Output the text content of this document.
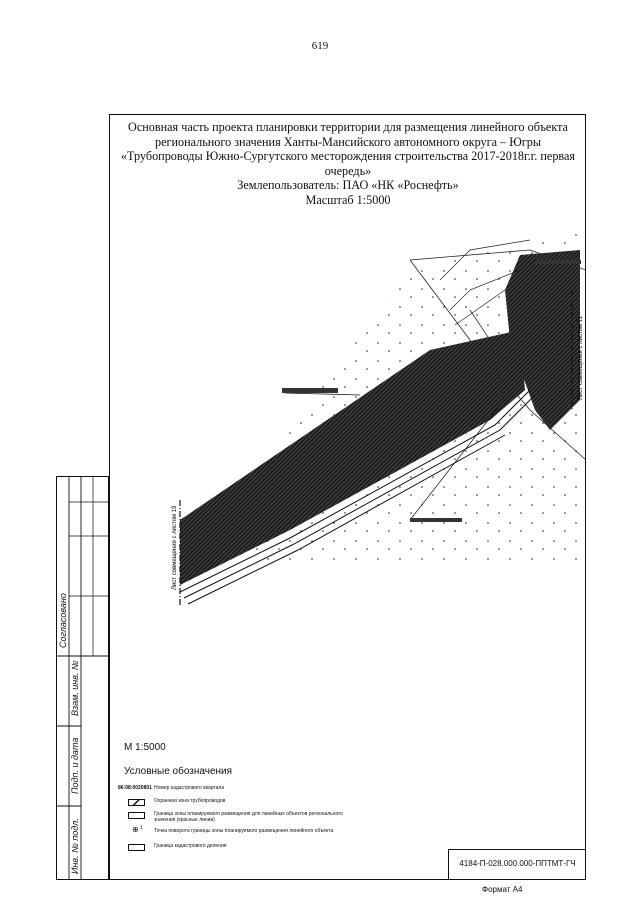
619
Основная часть проекта планировки территории для размещения линейного объекта
регионального значения Ханты-Мансийского автономного округа – Югры
«Трубопроводы Южно-Сургутского месторождения строительства 2017-2018г.г. первая
очередь»
Землепользователь: ПАО «НК «Роснефть»
Масштаб 1:5000
Лист совмещения с листом 19
Лист совмещения с листом 11
Согласовано
Взам. инв. №
Подп. и дата
Инв. № подл.
М 1:5000
Условные обозначения
86:08:0020801 Номер кадастрового квартала
Охранная зона трубопроводов
Граница зоны планируемого размещения для линейных объектов регионального значения (красные линии)
⊕ 1 Точка поворота границы зоны планируемого размещения линейного объекта
Граница кадастрового деления
4184-П-028.000.000-ППТМТ-ГЧ
Формат А4
